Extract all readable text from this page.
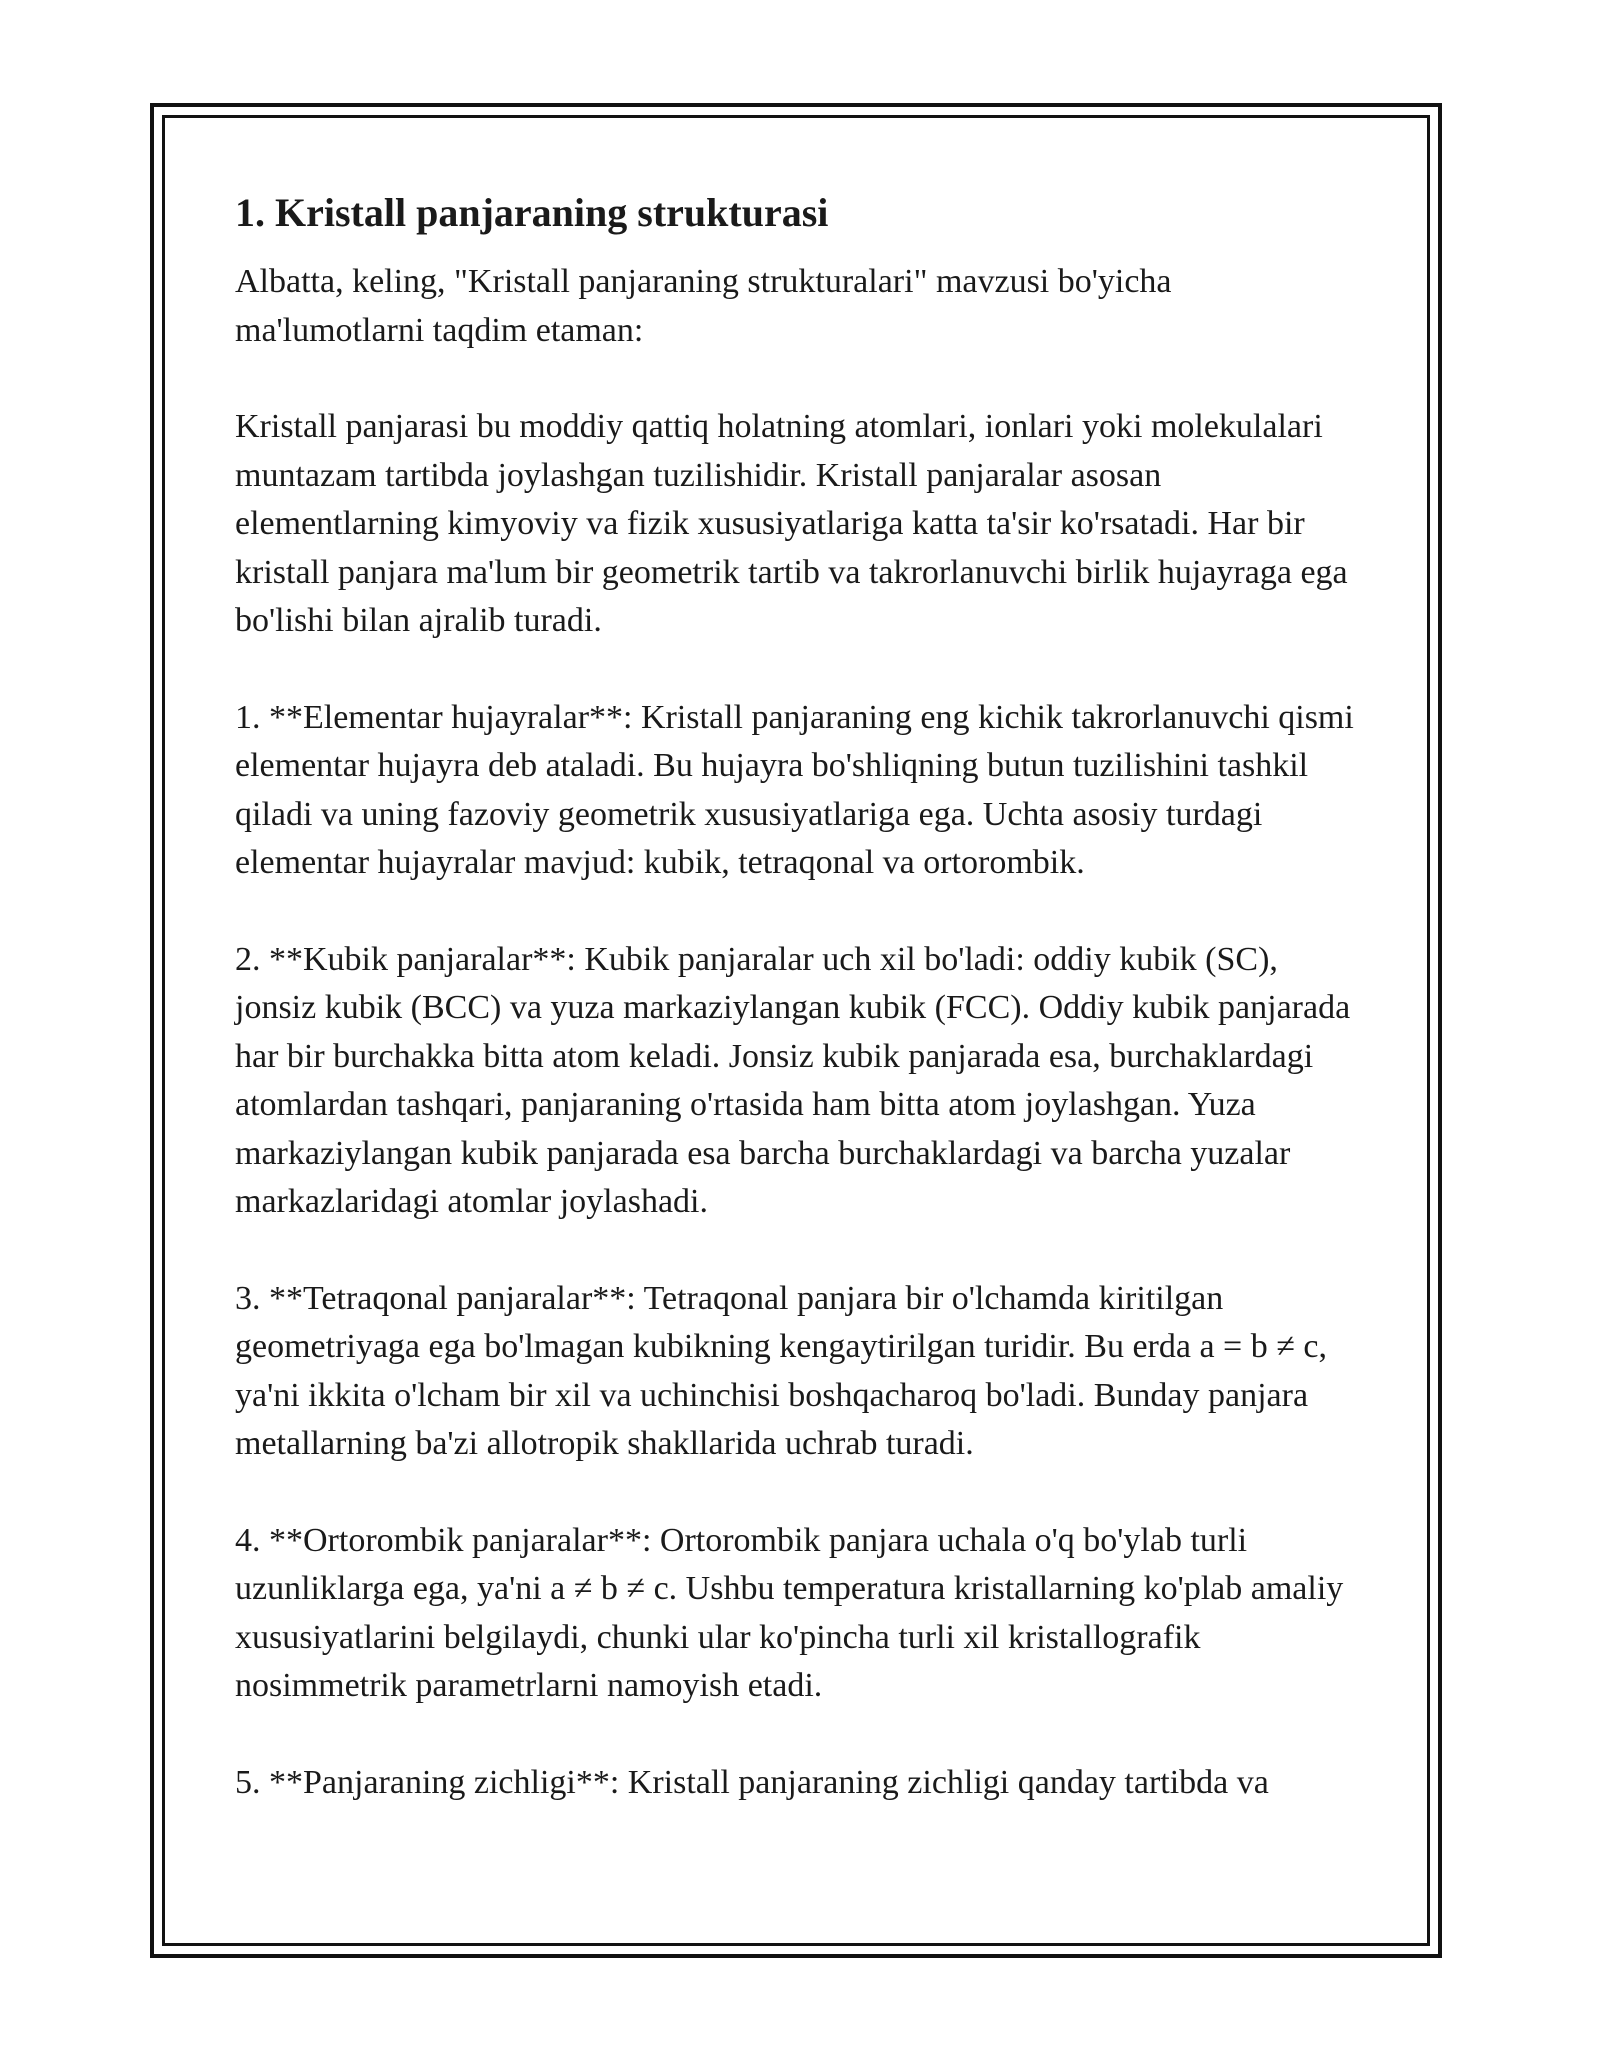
1. Kristall panjaraning strukturasi

Albatta, keling, "Kristall panjaraning strukturalari" mavzusi bo'yicha ma'lumotlarni taqdim etaman:

Kristall panjarasi bu moddiy qattiq holatning atomlari, ionlari yoki molekulalari muntazam tartibda joylashgan tuzilishidir. Kristall panjaralar asosan elementlarning kimyoviy va fizik xususiyatlariga katta ta'sir ko'rsatadi. Har bir kristall panjara ma'lum bir geometrik tartib va takrorlanuvchi birlik hujayraga ega bo'lishi bilan ajralib turadi.

1. **Elementar hujayralar**: Kristall panjaraning eng kichik takrorlanuvchi qismi elementar hujayra deb ataladi. Bu hujayra bo'shliqning butun tuzilishini tashkil qiladi va uning fazoviy geometrik xususiyatlariga ega. Uchta asosiy turdagi elementar hujayralar mavjud: kubik, tetraqonal va ortorombik.

2. **Kubik panjaralar**: Kubik panjaralar uch xil bo'ladi: oddiy kubik (SC), jonsiz kubik (BCC) va yuza markaziylangan kubik (FCC). Oddiy kubik panjarada har bir burchakka bitta atom keladi. Jonsiz kubik panjarada esa, burchaklardagi atomlardan tashqari, panjaraning o'rtasida ham bitta atom joylashgan. Yuza markaziylangan kubik panjarada esa barcha burchaklardagi va barcha yuzalar markazlaridagi atomlar joylashadi.

3. **Tetraqonal panjaralar**: Tetraqonal panjara bir o'lchamda kiritilgan geometriyaga ega bo'lmagan kubikning kengaytirilgan turidir. Bu erda a = b ≠ c, ya'ni ikkita o'lcham bir xil va uchinchisi boshqacharoq bo'ladi. Bunday panjara metallarning ba'zi allotropik shakllarida uchrab turadi.

4. **Ortorombik panjaralar**: Ortorombik panjara uchala o'q bo'ylab turli uzunliklarga ega, ya'ni a ≠ b ≠ c. Ushbu temperatura kristallarning ko'plab amaliy xususiyatlarini belgilaydi, chunki ular ko'pincha turli xil kristallografik nosimmetrik parametrlarni namoyish etadi.

5. **Panjaraning zichligi**: Kristall panjaraning zichligi qanday tartibda va
